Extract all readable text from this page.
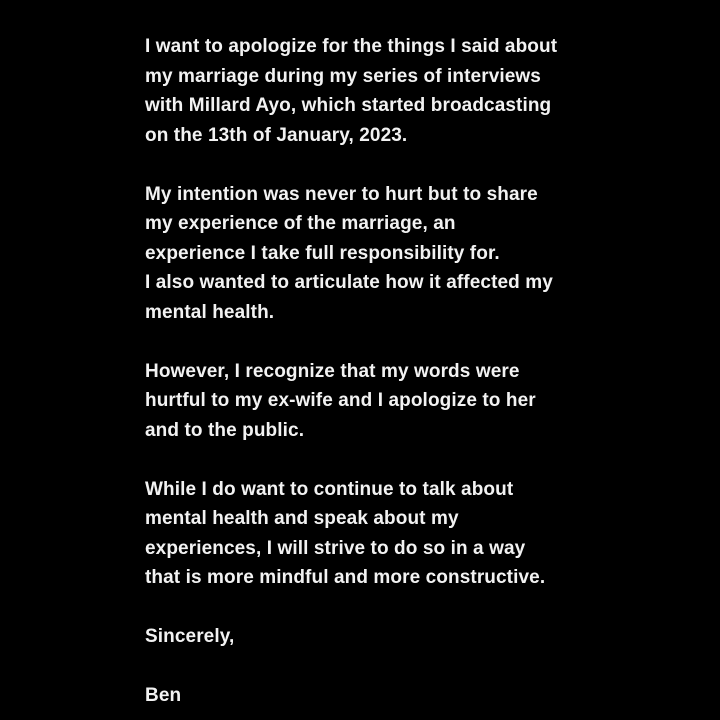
I want to apologize for the things I said about
my marriage during my series of interviews
with Millard Ayo, which started broadcasting
on the 13th of January, 2023.

My intention was never to hurt but to share
my experience of the marriage, an
experience I take full responsibility for.
I also wanted to articulate how it affected my
mental health.

However, I recognize that my words were
hurtful to my ex-wife and I apologize to her
and to the public.

While I do want to continue to talk about
mental health and speak about my
experiences, I will strive to do so in a way
that is more mindful and more constructive.

Sincerely,

Ben
